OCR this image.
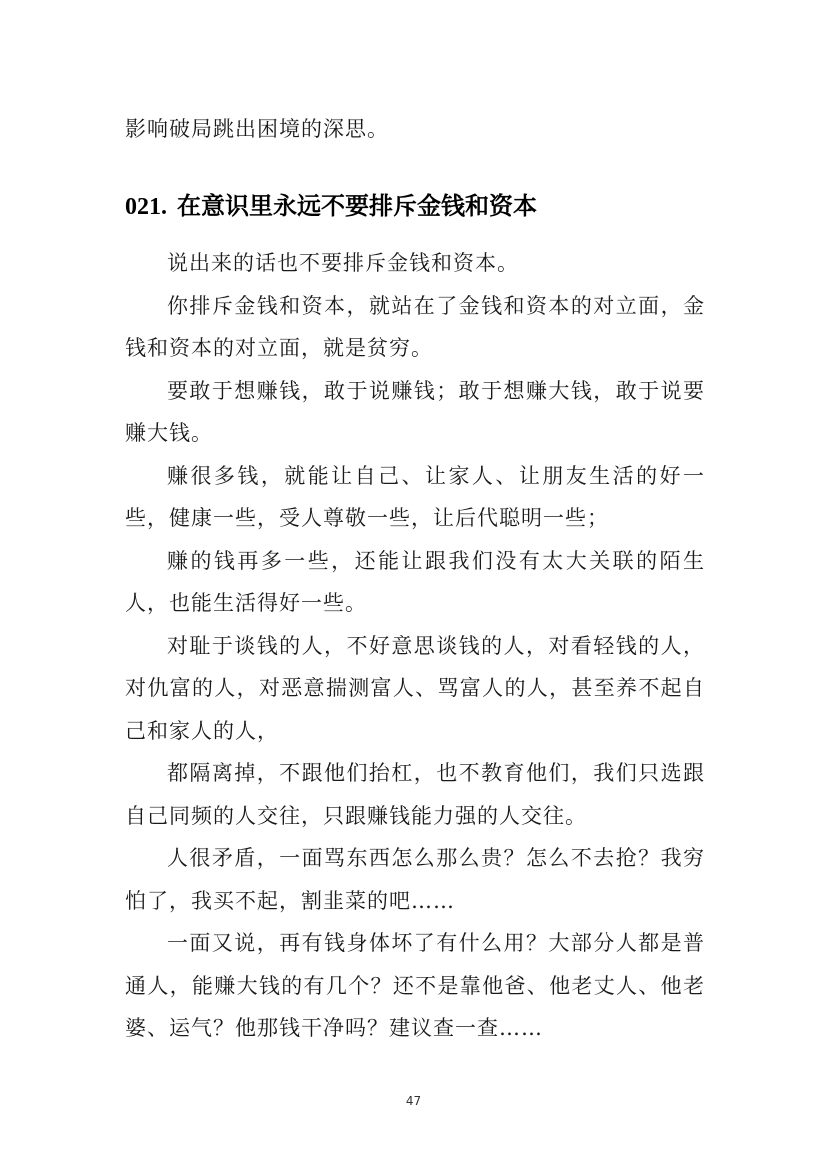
影响破局跳出困境的深思。

021. 在意识里永远不要排斥金钱和资本

说出来的话也不要排斥金钱和资本。

你排斥金钱和资本，就站在了金钱和资本的对立面，金钱和资本的对立面，就是贫穷。

要敢于想赚钱，敢于说赚钱；敢于想赚大钱，敢于说要赚大钱。

赚很多钱，就能让自己、让家人、让朋友生活的好一些，健康一些，受人尊敬一些，让后代聪明一些；

赚的钱再多一些，还能让跟我们没有太大关联的陌生人，也能生活得好一些。

对耻于谈钱的人，不好意思谈钱的人，对看轻钱的人，对仇富的人，对恶意揣测富人、骂富人的人，甚至养不起自己和家人的人，

都隔离掉，不跟他们抬杠，也不教育他们，我们只选跟自己同频的人交往，只跟赚钱能力强的人交往。

人很矛盾，一面骂东西怎么那么贵？怎么不去抢？我穷怕了，我买不起，割韭菜的吧……

一面又说，再有钱身体坏了有什么用？大部分人都是普通人，能赚大钱的有几个？还不是靠他爸、他老丈人、他老婆、运气？他那钱干净吗？建议查一查……

47
